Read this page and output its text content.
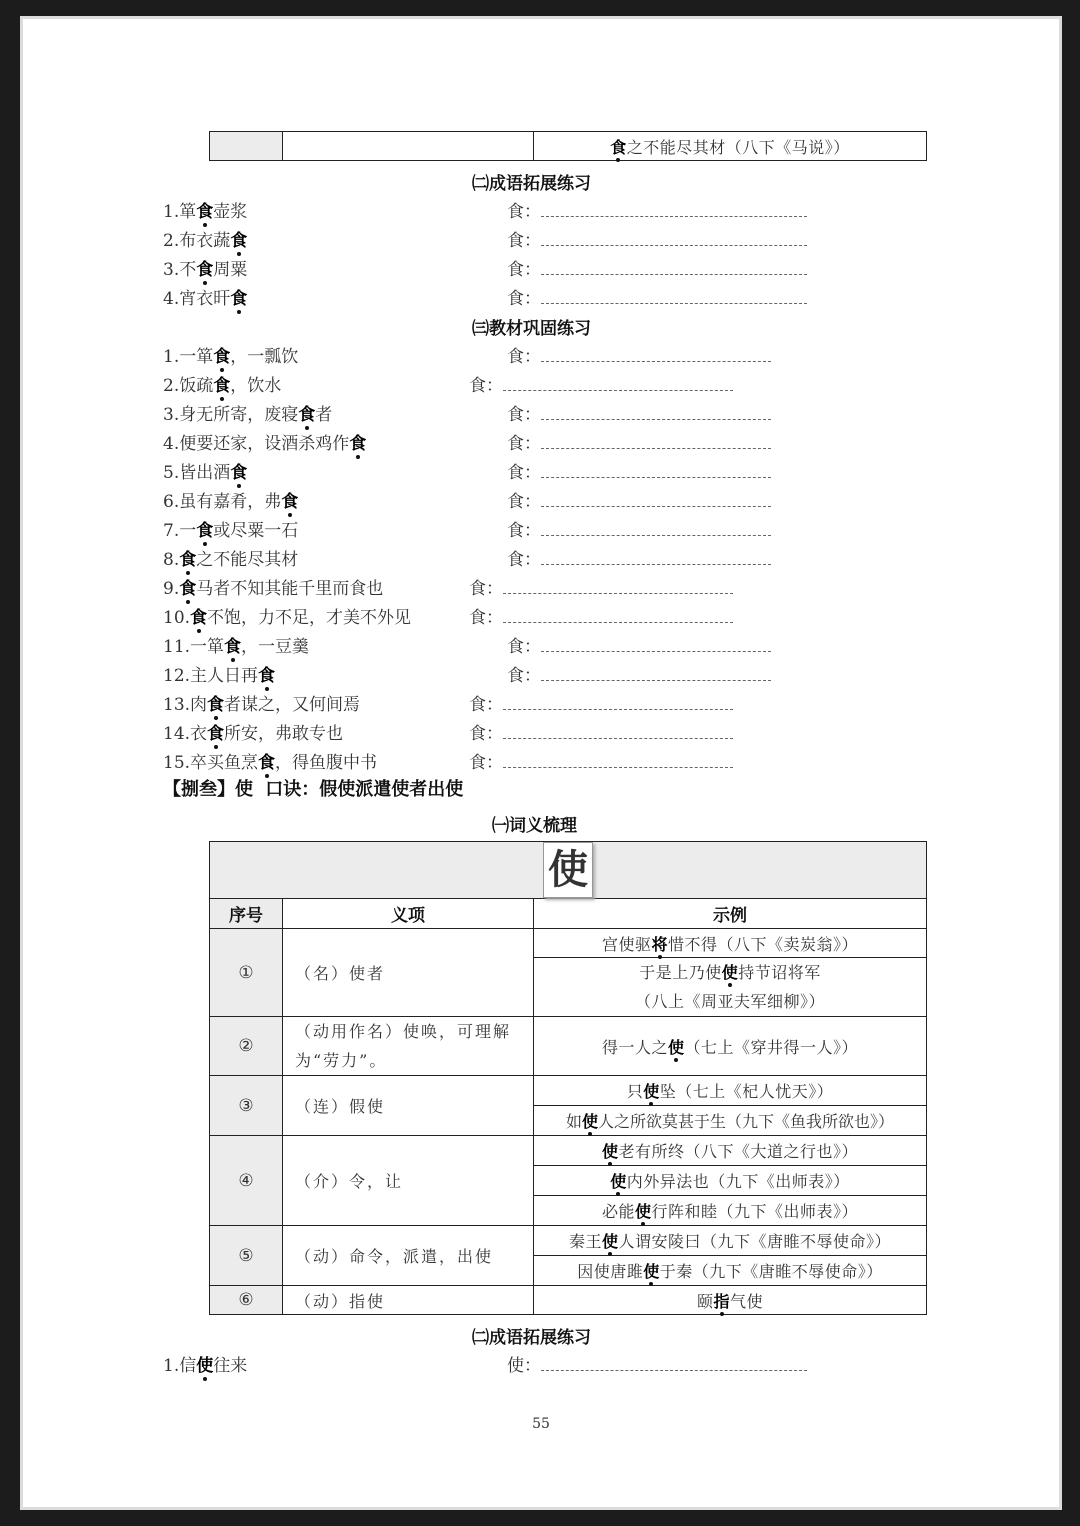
		食之不能尽其材（八下《马说》）
㈡成语拓展练习
1.箪食壶浆	食：
2.布衣蔬食	食：
3.不食周粟	食：
4.宵衣旰食	食：
㈢教材巩固练习
1.一箪食，一瓢饮	食：
2.饭疏食，饮水	食：
3.身无所寄，废寝食者	食：
4.便要还家，设酒杀鸡作食	食：
5.皆出酒食	食：
6.虽有嘉肴，弗食	食：
7.一食或尽粟一石	食：
8.食之不能尽其材	食：
9.食马者不知其能千里而食也	食：
10.食不饱，力不足，才美不外见	食：
11.一箪食，一豆羹	食：
12.主人日再食	食：
13.肉食者谋之，又何间焉	食：
14.衣食所安，弗敢专也	食：
15.卒买鱼烹食，得鱼腹中书	食：
【捌叁】使 口诀：假使派遣使者出使
㈠词义梳理
使		
序号	义项	示例
①	（名）使者	宫使驱将惜不得（八下《卖炭翁》）
		于是上乃使使持节诏将军
（八上《周亚夫军细柳》）
②	（动用作名）使唤，可理解为“劳力”。	得一人之使（七上《穿井得一人》）
③	（连）假使	只使坠（七上《杞人忧天》）
		如使人之所欲莫甚于生（九下《鱼我所欲也》）
④	（介）令，让	使老有所终（八下《大道之行也》）
		使内外异法也（九下《出师表》）
		必能使行阵和睦（九下《出师表》）
⑤	（动）命令，派遣，出使	秦王使人谓安陵曰（九下《唐睢不辱使命》）
		因使唐雎使于秦（九下《唐睢不辱使命》）
⑥	（动）指使	颐指气使
㈡成语拓展练习
1.信使往来	使：
55
